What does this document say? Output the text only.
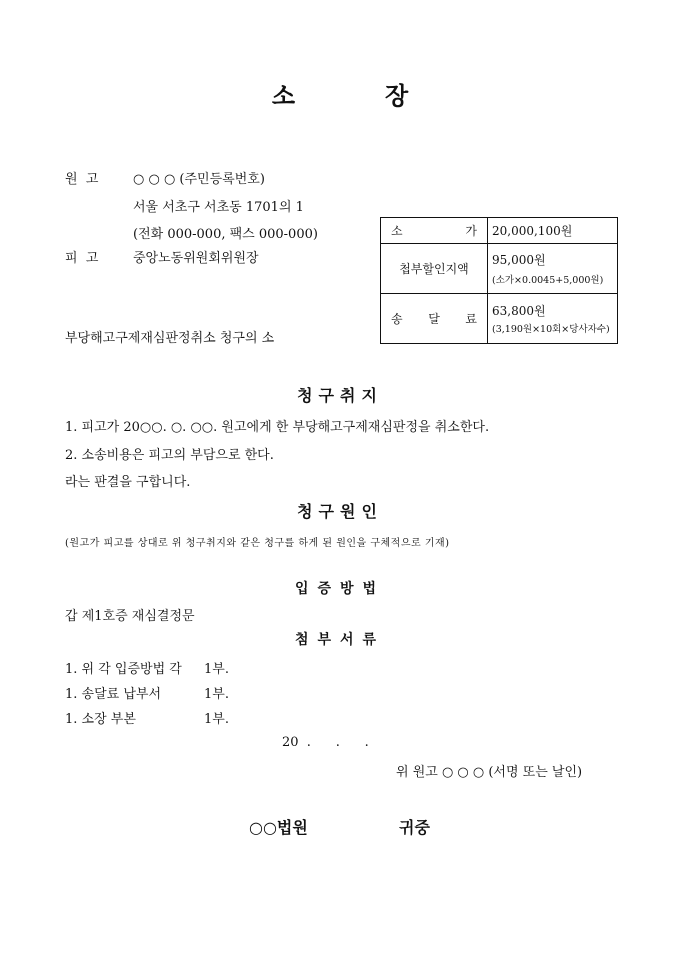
소	장
원  고	○ ○ ○ (주민등록번호)
서울 서초구 서초동 1701의 1
(전화 000-000, 팩스 000-000)
피  고	중앙노동위원회위원장
부당해고구제재심판정취소 청구의 소
소 가	20,000,100원
첩부할인지액	95,000원
(소가×0.0045+5,000원)

송 달 료	63,800원
(3,190원×10회×당사자수)
청구취지
1. 피고가 20○○. ○. ○○. 원고에게 한 부당해고구제재심판정을 취소한다.
2. 소송비용은 피고의 부담으로 한다.
라는 판결을 구합니다.
청구원인
(원고가 피고를 상대로 위 청구취지와 같은 청구를 하게 된 원인을 구체적으로 기재)
입증방법
갑 제1호증 재심결정문
첨부서류
1. 위 각 입증방법 각 1부.
1. 송달료 납부서	1부.
1. 소장 부본	1부.
20  .      .      .
위 원고 ○ ○ ○ (서명 또는 날인)
○○법원	귀중
